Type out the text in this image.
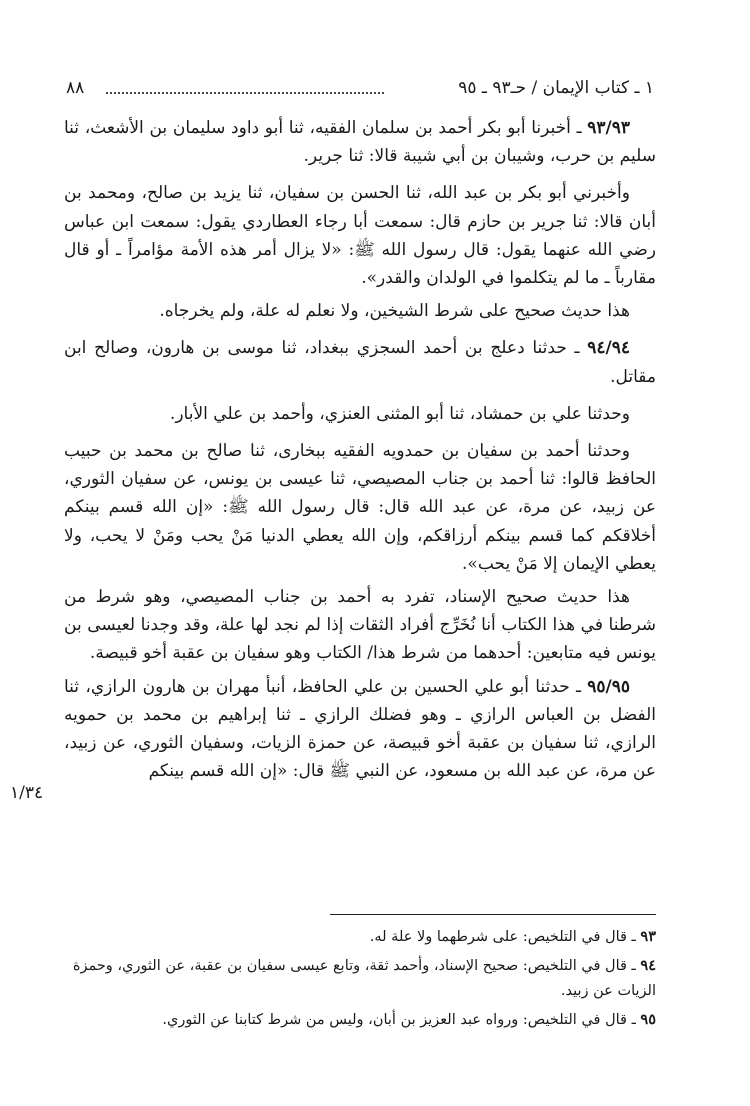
١ ـ كتاب الإيمان / حـ٩٣ ـ ٩٥
٨٨

٩٣/٩٣ ـ أخبرنا أبو بكر أحمد بن سلمان الفقيه، ثنا أبو داود سليمان بن الأشعث، ثنا سليم بن حرب، وشيبان بن أبي شيبة قالا: ثنا جرير.

وأخبرني أبو بكر بن عبد الله، ثنا الحسن بن سفيان، ثنا يزيد بن صالح، ومحمد بن أبان قالا: ثنا جرير بن حازم قال: سمعت أبا رجاء العطاردي يقول: سمعت ابن عباس رضي الله عنهما يقول: قال رسول الله ﷺ: «لا يزال أمر هذه الأمة مؤامراً ـ أو قال مقارباً ـ ما لم يتكلموا في الولدان والقدر».

هذا حديث صحيح على شرط الشيخين، ولا نعلم له علة، ولم يخرجاه.

٩٤/٩٤ ـ حدثنا دعلج بن أحمد السجزي ببغداد، ثنا موسى بن هارون، وصالح ابن مقاتل.

وحدثنا علي بن حمشاد، ثنا أبو المثنى العنزي، وأحمد بن علي الأبار.

وحدثنا أحمد بن سفيان بن حمدويه الفقيه ببخارى، ثنا صالح بن محمد بن حبيب الحافظ قالوا: ثنا أحمد بن جناب المصيصي، ثنا عيسى بن يونس، عن سفيان الثوري، عن زبيد، عن مرة، عن عبد الله قال: قال رسول الله ﷺ: «إن الله قسم بينكم أخلاقكم كما قسم بينكم أرزاقكم، وإن الله يعطي الدنيا مَنْ يحب ومَنْ لا يحب، ولا يعطي الإيمان إلا مَنْ يحب».

هذا حديث صحيح الإسناد، تفرد به أحمد بن جناب المصيصي، وهو شرط من شرطنا في هذا الكتاب أنا نُخَرِّج أفراد الثقات إذا لم نجد لها علة، وقد وجدنا لعيسى بن يونس فيه متابعين: أحدهما من شرط هذا/ الكتاب وهو سفيان بن عقبة أخو قبيصة.

٩٥/٩٥ ـ حدثنا أبو علي الحسين بن علي الحافظ، أنبأ مهران بن هارون الرازي، ثنا الفضل بن العباس الرازي ـ وهو فضلك الرازي ـ ثنا إبراهيم بن محمد بن حمويه الرازي، ثنا سفيان بن عقبة أخو قبيصة، عن حمزة الزيات، وسفيان الثوري، عن زبيد، عن مرة، عن عبد الله بن مسعود، عن النبي ﷺ قال: «إن الله قسم بينكم

١/٣٤

٩٣ ـ قال في التلخيص: على شرطهما ولا علة له.

٩٤ ـ قال في التلخيص: صحيح الإسناد، وأحمد ثقة، وتابع عيسى سفيان بن عقبة، عن الثوري، وحمزة الزيات عن زبيد.

٩٥ ـ قال في التلخيص: ورواه عبد العزيز بن أبان، وليس من شرط كتابنا عن الثوري.
